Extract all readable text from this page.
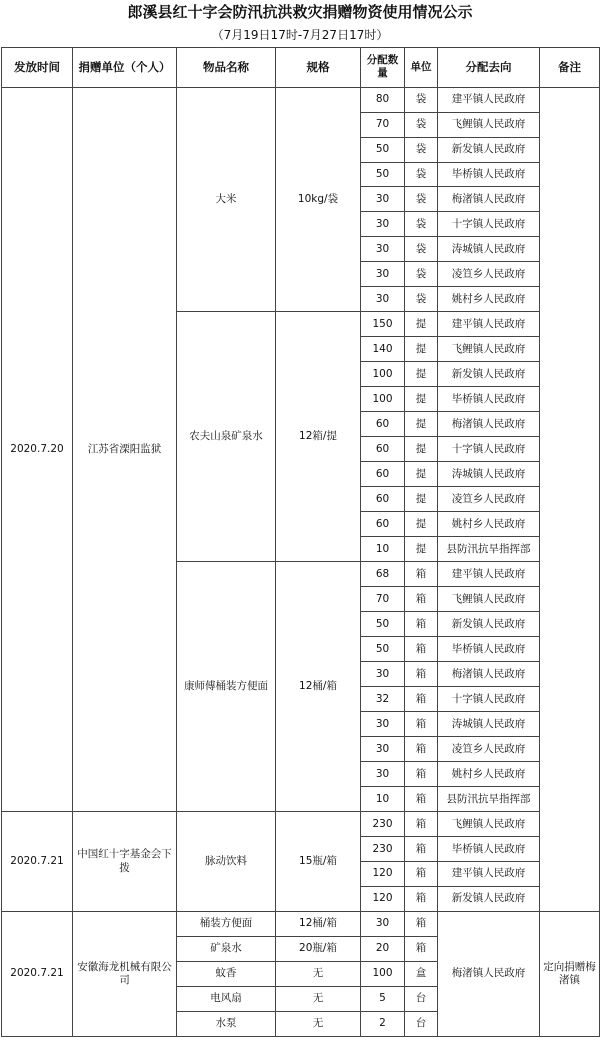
郎溪县红十字会防汛抗洪救灾捐赠物资使用情况公示
（7月19日17时-7月27日17时）
发放时间	捐赠单位（个人）	物品名称	规格	分配数量	单位	分配去向	备注
2020.7.20	江苏省溧阳监狱	大米	10kg/袋	80	袋	建平镇人民政府	
				70	袋	飞鲤镇人民政府	
				50	袋	新发镇人民政府	
				50	袋	毕桥镇人民政府	
				30	袋	梅渚镇人民政府	
				30	袋	十字镇人民政府	
				30	袋	涛城镇人民政府	
				30	袋	凌笪乡人民政府	
				30	袋	姚村乡人民政府	
		农夫山泉矿泉水	12箱/提	150	提	建平镇人民政府	
				140	提	飞鲤镇人民政府	
				100	提	新发镇人民政府	
				100	提	毕桥镇人民政府	
				60	提	梅渚镇人民政府	
				60	提	十字镇人民政府	
				60	提	涛城镇人民政府	
				60	提	凌笪乡人民政府	
				60	提	姚村乡人民政府	
				10	提	县防汛抗旱指挥部	
		康师傅桶装方便面	12桶/箱	68	箱	建平镇人民政府	
				70	箱	飞鲤镇人民政府	
				50	箱	新发镇人民政府	
				50	箱	毕桥镇人民政府	
				30	箱	梅渚镇人民政府	
				32	箱	十字镇人民政府	
				30	箱	涛城镇人民政府	
				30	箱	凌笪乡人民政府	
				30	箱	姚村乡人民政府	
				10	箱	县防汛抗旱指挥部	
2020.7.21	中国红十字基金会下拨	脉动饮料	15瓶/箱	230	箱	飞鲤镇人民政府	
				230	箱	毕桥镇人民政府	
				120	箱	建平镇人民政府	
				120	箱	新发镇人民政府	
2020.7.21	安徽海龙机械有限公司	桶装方便面	12桶/箱	30	箱	梅渚镇人民政府	定向捐赠梅渚镇
		矿泉水	20瓶/箱	20	箱		
		蚊香	无	100	盒		
		电风扇	无	5	台		
		水泵	无	2	台		
